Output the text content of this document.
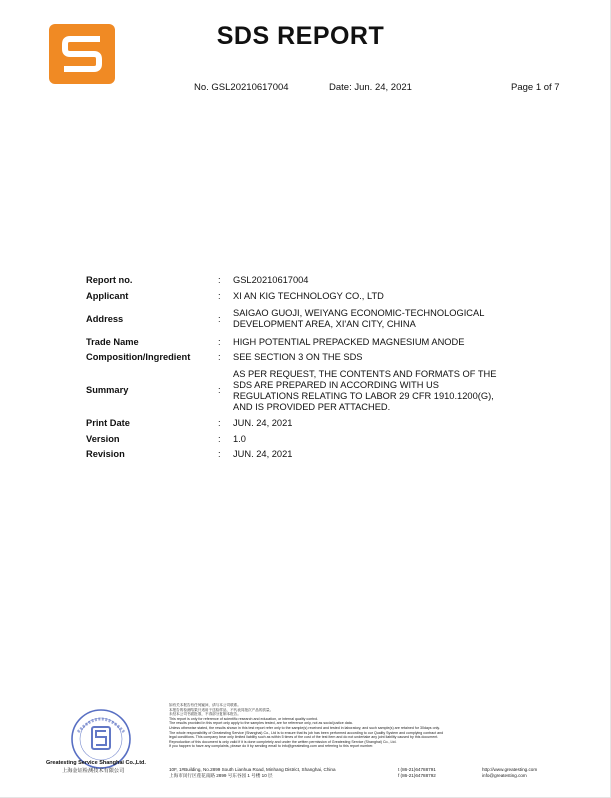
SDS REPORT
No. GSL20210617004	Date: Jun. 24, 2021	Page 1 of 7
Report no.	:	GSL20210617004
Applicant	:	XI AN KIG TECHNOLOGY CO., LTD
Address	:	SAIGAO GUOJI, WEIYANG ECONOMIC-TECHNOLOGICAL
DEVELOPMENT AREA, XI'AN CITY, CHINA

Trade Name	:	HIGH POTENTIAL PREPACKED MAGNESIUM ANODE
Composition/Ingredient	:	SEE SECTION 3 ON THE SDS
Summary	:	AS PER REQUEST, THE CONTENTS AND FORMATS OF THE
SDS ARE PREPARED IN ACCORDING WITH US
REGULATIONS RELATING TO LABOR 29 CFR 1910.1200(G),
AND IS PROVIDED PER ATTACHED.

Print Date	:	JUN. 24, 2021
Version	:	1.0
Revision	:	JUN. 24, 2021
Greatesting Service Shanghai Co.,Ltd.
上海金证检测技术有限公司
如有关本报告有任何疑问，请与本公司联系。
本报告的检测结果只适用于送检样品，不代表同批次产品的质量。
未经本公司书面批准，不得部分复制本报告。
This report is only for reference of scientific research and education, or internal quality control.
The results provided in this report only apply to the samples tested, are for reference only, not as social justice data.
Unless otherwise stated, the results shown in this test report refer only to the sample(s) received and tested in laboratory, and such sample(s) are retained for 30days only.
The whole responsibility of Greatesting Service (Shanghai) Co., Ltd is to ensure that its job has been performed according to our Quality System and complying contract and
legal conditions. This company bear only limited liability such as within 5 times of the cost of the test item and do not undertake any joint liability caused by this document.
Reproduction of this document is only valid if it is done completely and under the written permission of Greatesting Service (Shanghai) Co., Ltd.
If you happen to have any complaints, please do it by sending email to info@greatesting.com and referring to this report number.
10F, 1#Building, No.2899 South Lianhua Road, Minhang District, Shanghai, China
上海市闵行区莲花南路 2899 号东谷园 1 号楼 10 层
t (86-21)64788791
f (86-21)64788792
http://www.greatesting.com
info@greatesting.com
